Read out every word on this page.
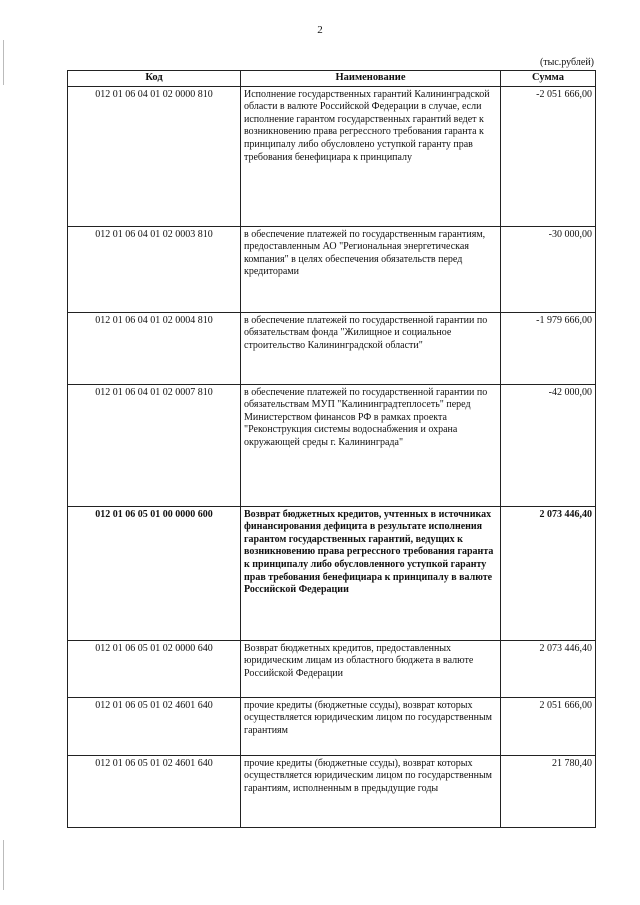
2
(тыс.рублей)
Код	Наименование	Сумма
012 01 06 04 01 02 0000 810	Исполнение государственных гарантий Калининградской области в валюте Российской Федерации в случае, если исполнение гарантом государственных гарантий ведет к возникновению права регрессного требования гаранта к принципалу либо обусловлено уступкой гаранту прав требования бенефициара к принципалу	-2 051 666,00
012 01 06 04 01 02 0003 810	в обеспечение платежей по государственным гарантиям, предоставленным АО "Региональная энергетическая компания" в целях обеспечения обязательств перед кредиторами	-30 000,00
012 01 06 04 01 02 0004 810	в обеспечение платежей по государственной гарантии по обязательствам фонда "Жилищное и социальное строительство Калининградской области"	-1 979 666,00
012 01 06 04 01 02 0007 810	в обеспечение платежей по государственной гарантии по обязательствам МУП "Калининградтеплосеть" перед Министерством финансов РФ в рамках проекта "Реконструкция системы водоснабжения и охрана окружающей среды г. Калининграда"	-42 000,00
012 01 06 05 01 00 0000 600	Возврат бюджетных кредитов, учтенных в источниках финансирования дефицита в результате исполнения гарантом государственных гарантий, ведущих к возникновению права регрессного требования гаранта к принципалу либо обусловленного уступкой гаранту прав требования бенефициара к принципалу в валюте Российской Федерации	2 073 446,40
012 01 06 05 01 02 0000 640	Возврат бюджетных кредитов, предоставленных юридическим лицам из областного бюджета в валюте Российской Федерации	2 073 446,40
012 01 06 05 01 02 4601 640	прочие кредиты (бюджетные ссуды), возврат которых осуществляется юридическим лицом по государственным гарантиям	2 051 666,00
012 01 06 05 01 02 4601 640	прочие кредиты (бюджетные ссуды), возврат которых осуществляется юридическим лицом по государственным гарантиям, исполненным в предыдущие годы	21 780,40
